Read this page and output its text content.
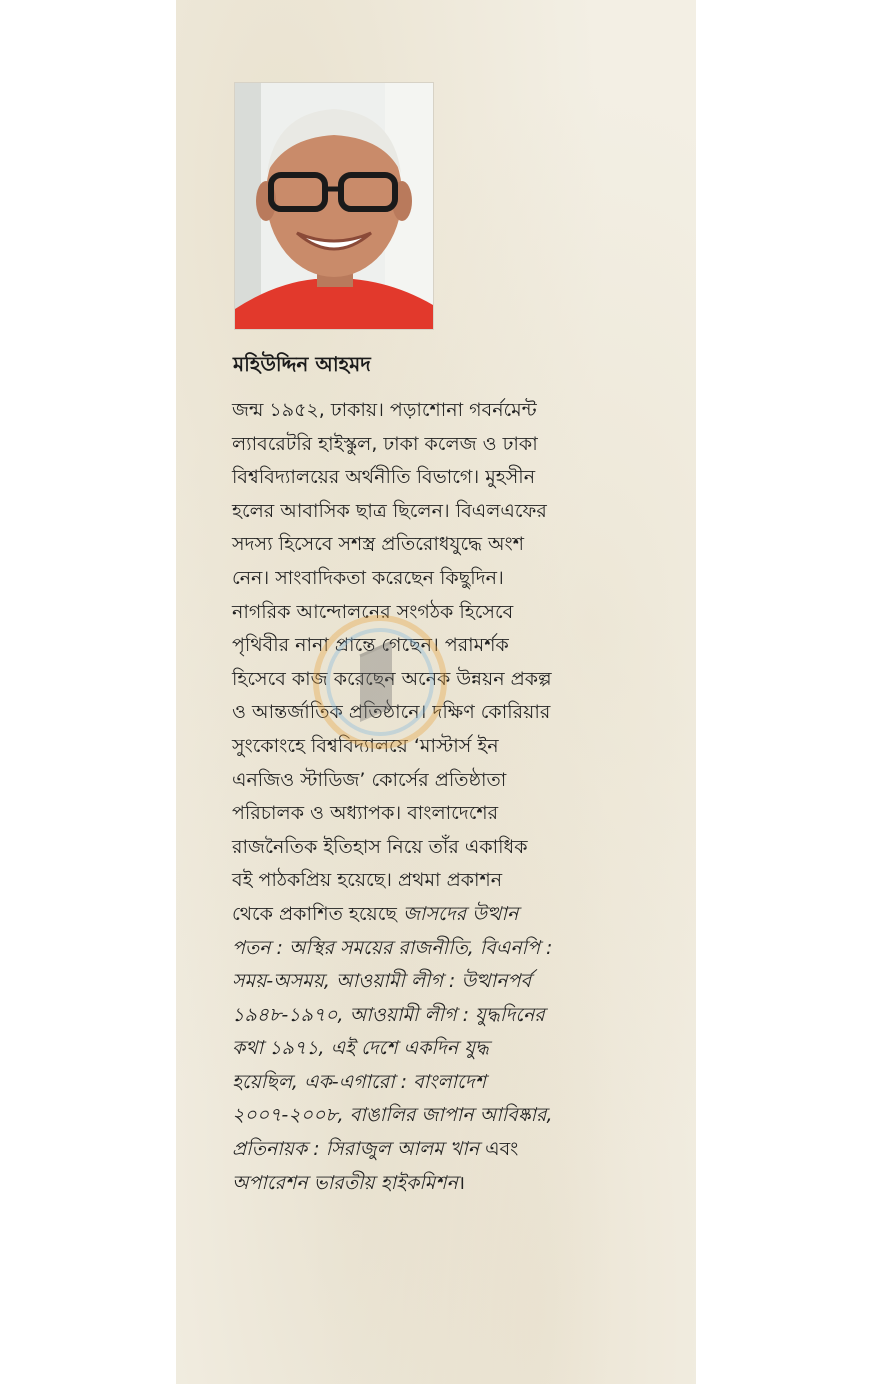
মহিউদ্দিন আহমদ
জন্ম ১৯৫২, ঢাকায়। পড়াশোনা গবর্নমেন্ট
ল্যাবরেটরি হাইস্কুল, ঢাকা কলেজ ও ঢাকা
বিশ্ববিদ্যালয়ের অর্থনীতি বিভাগে। মুহসীন
হলের আবাসিক ছাত্র ছিলেন। বিএলএফের
সদস্য হিসেবে সশস্ত্র প্রতিরোধযুদ্ধে অংশ
নেন। সাংবাদিকতা করেছেন কিছুদিন।
নাগরিক আন্দোলনের সংগঠক হিসেবে
পৃথিবীর নানা প্রান্তে গেছেন। পরামর্শক
হিসেবে কাজ করেছেন অনেক উন্নয়ন প্রকল্প
ও আন্তর্জাতিক প্রতিষ্ঠানে। দক্ষিণ কোরিয়ার
সুংকোংহে বিশ্ববিদ্যালয়ে ‘মাস্টার্স ইন
এনজিও স্টাডিজ’ কোর্সের প্রতিষ্ঠাতা
পরিচালক ও অধ্যাপক। বাংলাদেশের
রাজনৈতিক ইতিহাস নিয়ে তাঁর একাধিক
বই পাঠকপ্রিয় হয়েছে। প্রথমা প্রকাশন
থেকে প্রকাশিত হয়েছে জাসদের উত্থান
পতন : অস্থির সময়ের রাজনীতি, বিএনপি :
সময়-অসময়, আওয়ামী লীগ : উত্থানপর্ব
১৯৪৮-১৯৭০, আওয়ামী লীগ : যুদ্ধদিনের
কথা ১৯৭১, এই দেশে একদিন যুদ্ধ
হয়েছিল, এক-এগারো : বাংলাদেশ
২০০৭-২০০৮, বাঙালির জাপান আবিষ্কার,
প্রতিনায়ক : সিরাজুল আলম খান এবং
অপারেশন ভারতীয় হাইকমিশন।
